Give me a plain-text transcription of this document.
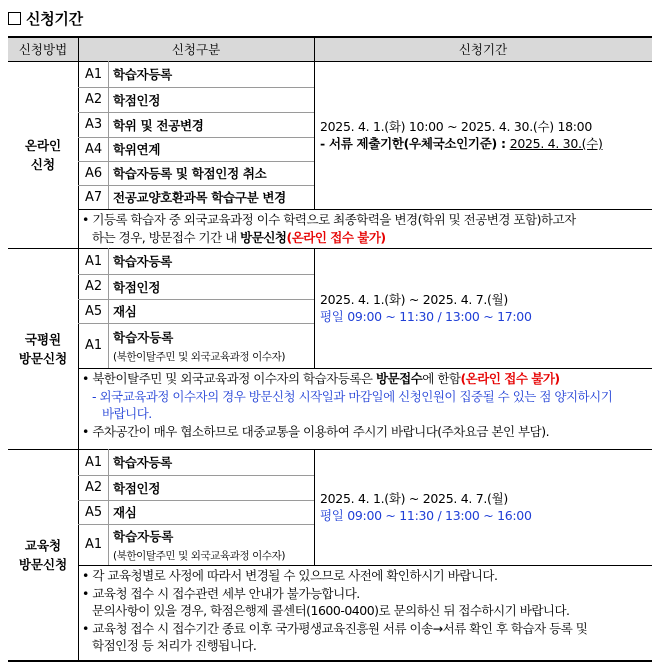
신청기간
신청방법	신청구분	신청기간
온라인
신청
A1 학습자등록
A2 학점인정
A3 학위 및 전공변경
A4 학위연계
A6 학습자등록 및 학점인정 취소
A7 전공교양호환과목 학습구분 변경
2025. 4. 1.(화) 10:00 ~ 2025. 4. 30.(수) 18:00
- 서류 제출기한(우체국소인기준) : 2025. 4. 30.(수)
• 기등록 학습자 중 외국교육과정 이수 학력으로 최종학력을 변경(학위 및 전공변경 포함)하고자
하는 경우, 방문접수 기간 내 방문신청(온라인 접수 불가)
국평원
방문신청
A1 학습자등록
A2 학점인정
A5 재심
A1
학습자등록
(북한이탈주민 및 외국교육과정 이수자)
2025. 4. 1.(화) ~ 2025. 4. 7.(월)
평일 09:00 ~ 11:30 / 13:00 ~ 17:00
• 북한이탈주민 및 외국교육과정 이수자의 학습자등록은 방문접수에 한함(온라인 접수 불가)
- 외국교육과정 이수자의 경우 방문신청 시작일과 마감일에 신청인원이 집중될 수 있는 점 양지하시기
바랍니다.
• 주차공간이 매우 협소하므로 대중교통을 이용하여 주시기 바랍니다(주차요금 본인 부담).
교육청
방문신청
A1 학습자등록
A2 학점인정
A5 재심
A1
학습자등록
(북한이탈주민 및 외국교육과정 이수자)
2025. 4. 1.(화) ~ 2025. 4. 7.(월)
평일 09:00 ~ 11:30 / 13:00 ~ 16:00
• 각 교육청별로 사정에 따라서 변경될 수 있으므로 사전에 확인하시기 바랍니다.
• 교육청 접수 시 접수관련 세부 안내가 불가능합니다.
문의사항이 있을 경우, 학점은행제 콜센터(1600-0400)로 문의하신 뒤 접수하시기 바랍니다.
• 교육청 접수 시 접수기간 종료 이후 국가평생교육진흥원 서류 이송→서류 확인 후 학습자 등록 및
학점인정 등 처리가 진행됩니다.
